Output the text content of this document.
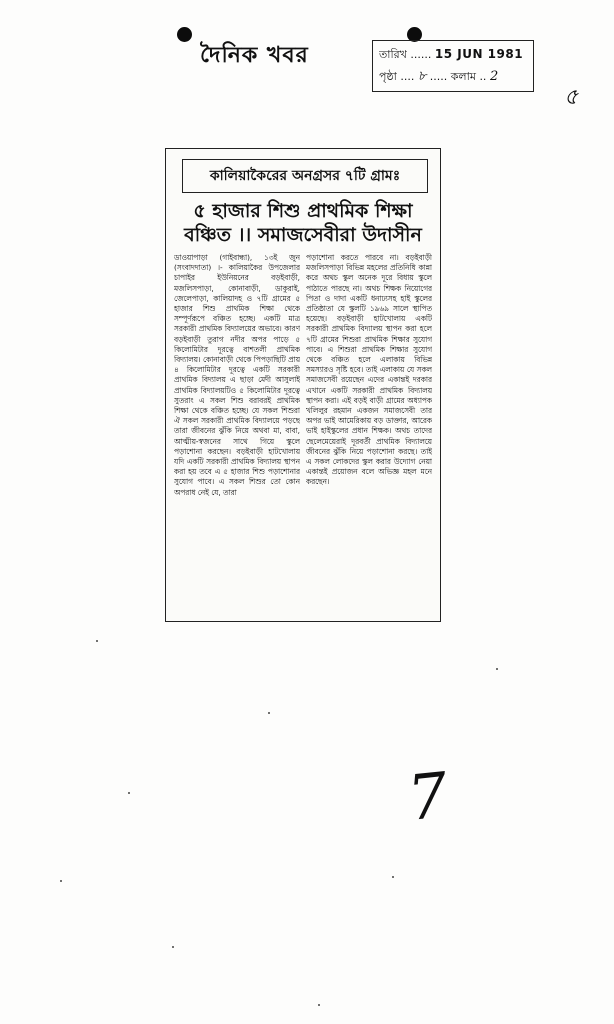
দৈনিক খবর	তারিখ ...... 15 JUN 1981
পৃষ্ঠা .... ৮ ..... কলাম .. 2
৫
কালিয়াকৈরের অনগ্রসর ৭টি গ্রামঃ
৫ হাজার শিশু প্রাথমিক শিক্ষা বঞ্চিত ।। সমাজসেবীরা উদাসীন

ডাওয়াপাড়া (গাইবান্ধা), ১৩ই জুন (সংবাদদাতা) ।- কালিয়াকৈর উপজেলার চাপাইর ইউনিয়নের বড়ইবাড়ী, মজলিসপাড়া, কোনাবাড়ী, ডাকুরাই, জেলেপাড়া, কালিয়াদহ ও ৭টি গ্রামের ৫ হাজার শিশু প্রাথমিক শিক্ষা থেকে সম্পূর্ণরূপে বঞ্চিত হচ্ছে। একটি মাত্র সরকারী প্রাথমিক বিদ্যালয়ের অভাবে। কারণ বড়ইবাড়ী তুরাগ নদীর অপর পাড়ে ৫ কিলোমিটার দূরত্বে বাশতলী প্রাথমিক বিদ্যালয়। কোনাবাড়ী থেকে পিপড়াছিটি প্রায় ৪ কিলোমিটার দূরত্বে একটি সরকারী প্রাথমিক বিদ্যালয় এ ছাড়া মেদী আসুলাই প্রাথমিক বিদ্যালয়টিও ৫ কিলোমিটার দূরত্বে সুতরাং এ সকল শিশু বরাবরই প্রাথমিক শিক্ষা থেকে বঞ্চিত হচ্ছে। যে সকল শিশুরা ঐ সকল সরকারী প্রাথমিক বিদ্যালয়ে পড়ছে তারা জীবনের ঝুঁকি নিয়ে অথবা মা, বাবা, আত্মীয়-স্বজনের সাথে গিয়ে স্কুলে পড়াশোনা করছেন। বড়ইবাড়ী হাটখোলায় যদি একটি সরকারী প্রাথমিক বিদ্যালয় স্থাপন করা হয় তবে এ ৫ হাজার শিশু পড়াশোনার সুযোগ পাবে। এ সকল শিশুর তো কোন অপরাধ নেই যে, তারা

পড়াশোনা করতে পারবে না। বড়ইবাড়ী মজলিসপাড়া বিভিন্ন মহলের প্রতিনিধি কান্না করে অথচ স্কুল অনেক দূরে বিধায় স্কুলে পাঠাতে পারছে না। অথচ শিক্ষক নিয়োগের পিতা ও দাদা একটি ধনাঢ্যসহ হাই স্কুলের প্রতিষ্ঠাতা যে স্কুলটি ১৯৬৯ সালে স্থাপিত হয়েছে। বড়ইবাড়ী হাটখোলায় একটি সরকারী প্রাথমিক বিদ্যালয় স্থাপন করা হলে ৭টি গ্রামের শিশুরা প্রাথমিক শিক্ষার সুযোগ পাবে। এ শিশুরা প্রাথমিক শিক্ষার সুযোগ থেকে বঞ্চিত হলে এলাকায় বিভিন্ন সমস্যারও সৃষ্টি হবে। তাই এলাকায় যে সকল সমাজসেবী রয়েছেন এদের একান্তই দরকার এখানে একটি সরকারী প্রাথমিক বিদ্যালয় স্থাপন করা। এই বড়ই বাড়ী গ্রামের অধ্যাপক খলিলুর রহমান একজন সমাজসেবী তার অপর ভাই আমেরিকায় বড় ডাক্তার, আরেক ভাই হাইস্কুলের প্রধান শিক্ষক। অথচ তাদের ছেলেমেয়েরাই দূরবর্তী প্রাথমিক বিদ্যালয়ে জীবনের ঝুঁকি নিয়ে পড়াশোনা করছে। তাই এ সকল লোকদের স্কুল করার উদ্যোগ নেয়া একান্তই প্রয়োজন বলে অভিজ্ঞ মহল মনে করছেন।

7
